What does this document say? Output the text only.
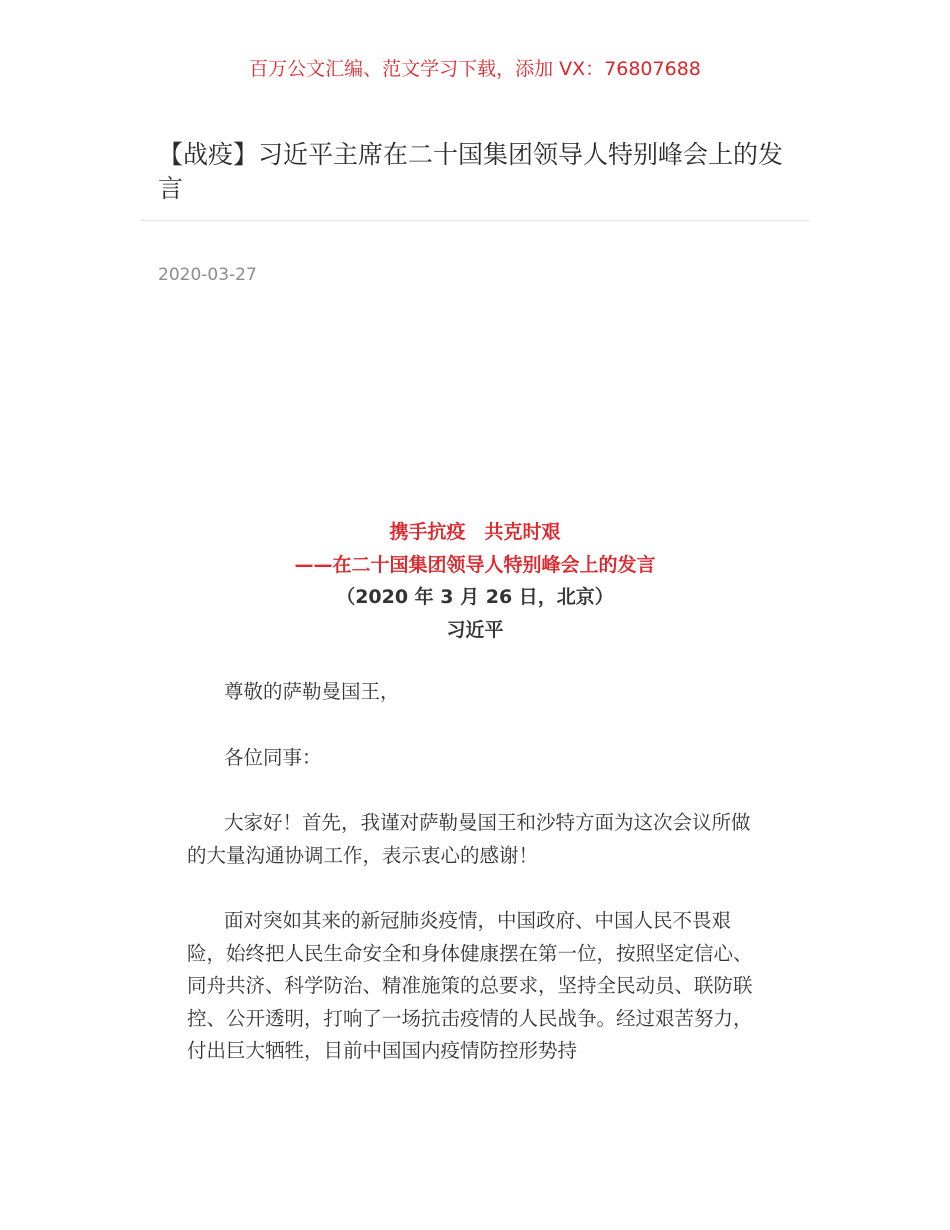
百万公文汇编、范文学习下载，添加 VX：76807688
【战疫】习近平主席在二十国集团领导人特别峰会上的发言
2020-03-27
携手抗疫　共克时艰
——在二十国集团领导人特别峰会上的发言
（2020 年 3 月 26 日，北京）
习近平

尊敬的萨勒曼国王，

各位同事：

大家好！首先，我谨对萨勒曼国王和沙特方面为这次会议所做的大量沟通协调工作，表示衷心的感谢！

面对突如其来的新冠肺炎疫情，中国政府、中国人民不畏艰险，始终把人民生命安全和身体健康摆在第一位，按照坚定信心、同舟共济、科学防治、精准施策的总要求，坚持全民动员、联防联控、公开透明，打响了一场抗击疫情的人民战争。经过艰苦努力，付出巨大牺牲，目前中国国内疫情防控形势持
